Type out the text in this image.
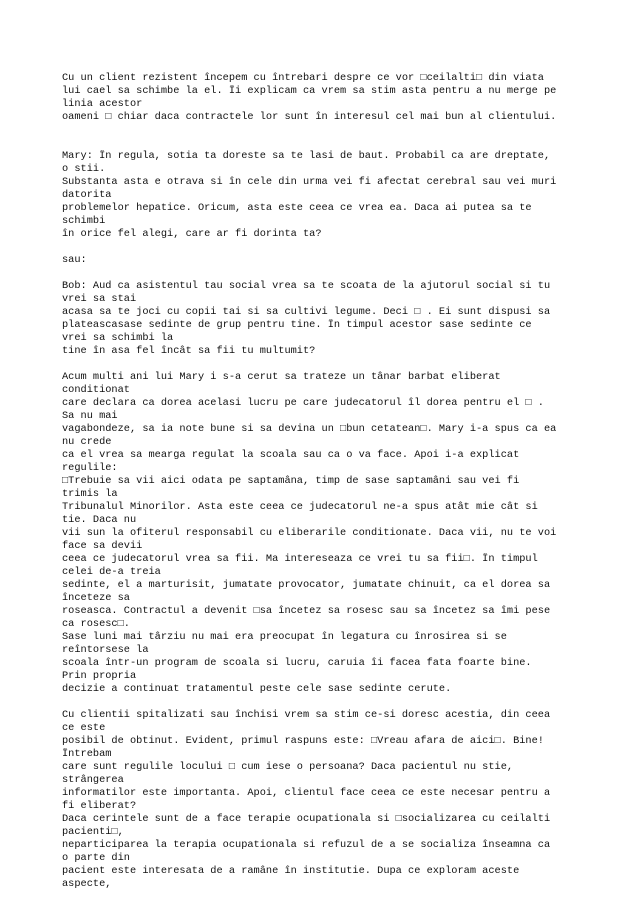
Cu un client rezistent începem cu întrebari despre ce vor □ceilalti□ din viata
lui cael sa schimbe la el. Îi explicam ca vrem sa stim asta pentru a nu merge pe
linia acestor
oameni □ chiar daca contractele lor sunt în interesul cel mai bun al clientului.
Mary: În regula, sotia ta doreste sa te lasi de baut. Probabil ca are dreptate,
o stii.
Substanta asta e otrava si în cele din urma vei fi afectat cerebral sau vei muri
datorita
problemelor hepatice. Oricum, asta este ceea ce vrea ea. Daca ai putea sa te
schimbi
în orice fel alegi, care ar fi dorinta ta?
sau:
Bob: Aud ca asistentul tau social vrea sa te scoata de la ajutorul social si tu
vrei sa stai
acasa sa te joci cu copii tai si sa cultivi legume. Deci □ . Ei sunt dispusi sa
plateascasase sedinte de grup pentru tine. În timpul acestor sase sedinte ce
vrei sa schimbi la
tine în asa fel încât sa fii tu multumit?
Acum multi ani lui Mary i s-a cerut sa trateze un tânar barbat eliberat
conditionat
care declara ca dorea acelasi lucru pe care judecatorul îl dorea pentru el □ .
Sa nu mai
vagabondeze, sa ia note bune si sa devina un □bun cetatean□. Mary i-a spus ca ea
nu crede
ca el vrea sa mearga regulat la scoala sau ca o va face. Apoi i-a explicat
regulile:
□Trebuie sa vii aici odata pe saptamâna, timp de sase saptamâni sau vei fi
trimis la
Tribunalul Minorilor. Asta este ceea ce judecatorul ne-a spus atât mie cât si
tie. Daca nu
vii sun la ofiterul responsabil cu eliberarile conditionate. Daca vii, nu te voi
face sa devii
ceea ce judecatorul vrea sa fii. Ma intereseaza ce vrei tu sa fii□. În timpul
celei de-a treia
sedinte, el a marturisit, jumatate provocator, jumatate chinuit, ca el dorea sa
înceteze sa
roseasca. Contractul a devenit □sa încetez sa rosesc sau sa încetez sa îmi pese
ca rosesc□.
Sase luni mai târziu nu mai era preocupat în legatura cu înrosirea si se
reîntorsese la
scoala într-un program de scoala si lucru, caruia îi facea fata foarte bine.
Prin propria
decizie a continuat tratamentul peste cele sase sedinte cerute.
Cu clientii spitalizati sau închisi vrem sa stim ce-si doresc acestia, din ceea
ce este
posibil de obtinut. Evident, primul raspuns este: □Vreau afara de aici□. Bine!
Întrebam
care sunt regulile locului □ cum iese o persoana? Daca pacientul nu stie,
strângerea
informatilor este importanta. Apoi, clientul face ceea ce este necesar pentru a
fi eliberat?
Daca cerintele sunt de a face terapie ocupationala si □socializarea cu ceilalti
pacienti□,
neparticiparea la terapia ocupationala si refuzul de a se socializa înseamna ca
o parte din
pacient este interesata de a ramâne în institutie. Dupa ce exploram aceste
aspecte,
